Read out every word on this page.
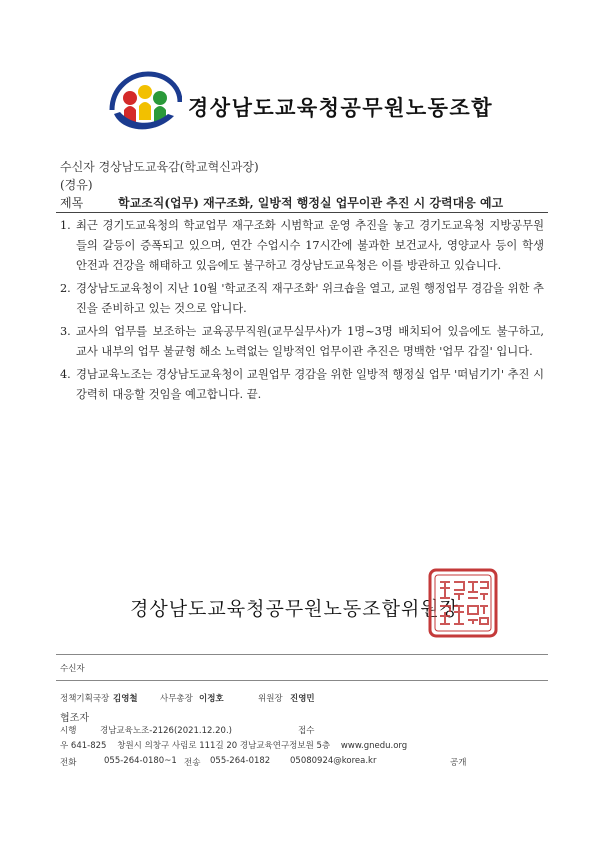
경상남도교육청공무원노동조합
수신자 경상남도교육감(학교혁신과장)
(경유)
제목	학교조직(업무) 재구조화, 일방적 행정실 업무이관 추진 시 강력대응 예고
1. 최근 경기도교육청의 학교업무 재구조화 시범학교 운영 추진을 놓고 경기도교육청 지방공무원들의 갈등이 증폭되고 있으며, 연간 수업시수 17시간에 불과한 보건교사, 영양교사 등이 학생 안전과 건강을 해태하고 있음에도 불구하고 경상남도교육청은 이를 방관하고 있습니다.
2. 경상남도교육청이 지난 10월 '학교조직 재구조화' 위크숍을 열고, 교원 행정업무 경감을 위한 추진을 준비하고 있는 것으로 압니다.
3. 교사의 업무를 보조하는 교육공무직원(교무실무사)가 1명~3명 배치되어 있음에도 불구하고, 교사 내부의 업무 불균형 해소 노력없는 일방적인 업무이관 추진은 명백한 '업무 갑질' 입니다.
4. 경남교육노조는 경상남도교육청이 교원업무 경감을 위한 일방적 행정실 업무 '떠넘기기' 추진 시 강력히 대응할 것임을 예고합니다. 끝.
경상남도교육청공무원노동조합위원장
수신자
정책기획국장 김영철	사무총장 이정호	위원장 진영민
협조자
시행	경남교육노조-2126(2021.12.20.)	접수
우 641-825    창원시 의창구 사림로 111길 20 경남교육연구정보원 5층    www.gnedu.org
전화	055-264-0180~1 전송 055-264-0182 05080924@korea.kr	공개
